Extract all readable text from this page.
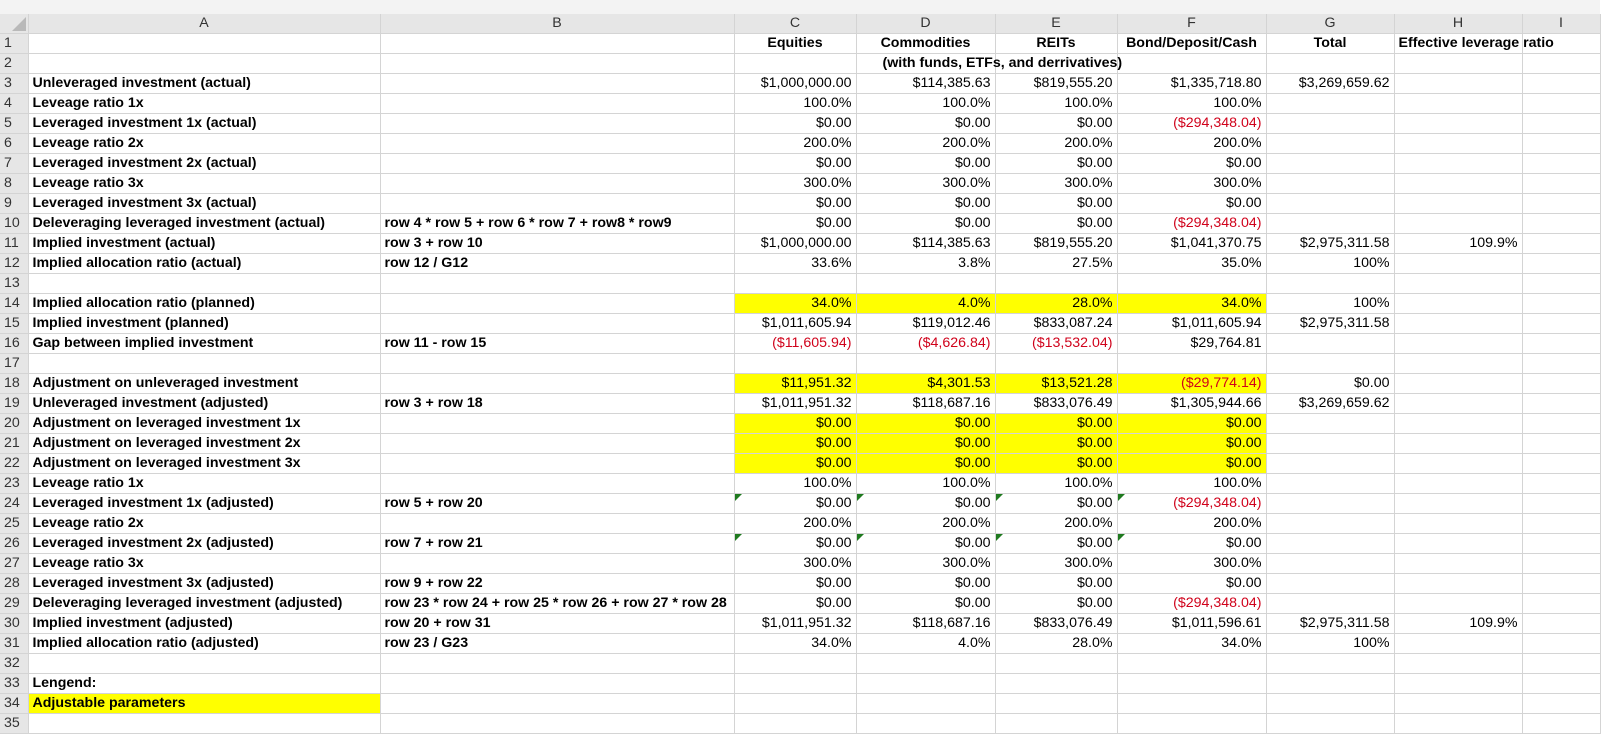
	A	B	C	D	E	F	G	H	I	
1			Equities	Commodities	REITs	Bond/Deposit/Cash	Total	Effective leverage ratio		
2				(with funds, ETFs, and derrivatives)						
3	Unleveraged investment (actual)		$1,000,000.00	$114,385.63	$819,555.20	$1,335,718.80	$3,269,659.62			
4	Leveage ratio 1x		100.0%	100.0%	100.0%	100.0%				
5	Leveraged investment 1x (actual)		$0.00	$0.00	$0.00	($294,348.04)				
6	Leveage ratio 2x		200.0%	200.0%	200.0%	200.0%				
7	Leveraged investment 2x (actual)		$0.00	$0.00	$0.00	$0.00				
8	Leveage ratio 3x		300.0%	300.0%	300.0%	300.0%				
9	Leveraged investment 3x (actual)		$0.00	$0.00	$0.00	$0.00				
10	Deleveraging leveraged investment (actual)	row 4 * row 5 + row 6 * row 7 + row8 * row9	$0.00	$0.00	$0.00	($294,348.04)				
11	Implied investment (actual)	row 3 + row 10	$1,000,000.00	$114,385.63	$819,555.20	$1,041,370.75	$2,975,311.58	109.9%		
12	Implied allocation ratio (actual)	row 12 / G12	33.6%	3.8%	27.5%	35.0%	100%			
13										
14	Implied allocation ratio (planned)		34.0%	4.0%	28.0%	34.0%	100%			
15	Implied investment (planned)		$1,011,605.94	$119,012.46	$833,087.24	$1,011,605.94	$2,975,311.58			
16	Gap between implied investment	row 11 - row 15	($11,605.94)	($4,626.84)	($13,532.04)	$29,764.81				
17										
18	Adjustment on unleveraged investment		$11,951.32	$4,301.53	$13,521.28	($29,774.14)	$0.00			
19	Unleveraged investment (adjusted)	row 3 + row 18	$1,011,951.32	$118,687.16	$833,076.49	$1,305,944.66	$3,269,659.62			
20	Adjustment on leveraged investment 1x		$0.00	$0.00	$0.00	$0.00				
21	Adjustment on leveraged investment 2x		$0.00	$0.00	$0.00	$0.00				
22	Adjustment on leveraged investment 3x		$0.00	$0.00	$0.00	$0.00				
23	Leveage ratio 1x		100.0%	100.0%	100.0%	100.0%				
24	Leveraged investment 1x (adjusted)	row 5 + row 20	$0.00	$0.00	$0.00	($294,348.04)				
25	Leveage ratio 2x		200.0%	200.0%	200.0%	200.0%				
26	Leveraged investment 2x (adjusted)	row 7 + row 21	$0.00	$0.00	$0.00	$0.00				
27	Leveage ratio 3x		300.0%	300.0%	300.0%	300.0%				
28	Leveraged investment 3x (adjusted)	row 9 + row 22	$0.00	$0.00	$0.00	$0.00				
29	Deleveraging leveraged investment (adjusted)	row 23 * row 24 + row 25 * row 26 + row 27 * row 28	$0.00	$0.00	$0.00	($294,348.04)				
30	Implied investment (adjusted)	row 20 + row 31	$1,011,951.32	$118,687.16	$833,076.49	$1,011,596.61	$2,975,311.58	109.9%		
31	Implied allocation ratio (adjusted)	row 23 / G23	34.0%	4.0%	28.0%	34.0%	100%			
32										
33	Lengend:									
34	Adjustable parameters									
35										
